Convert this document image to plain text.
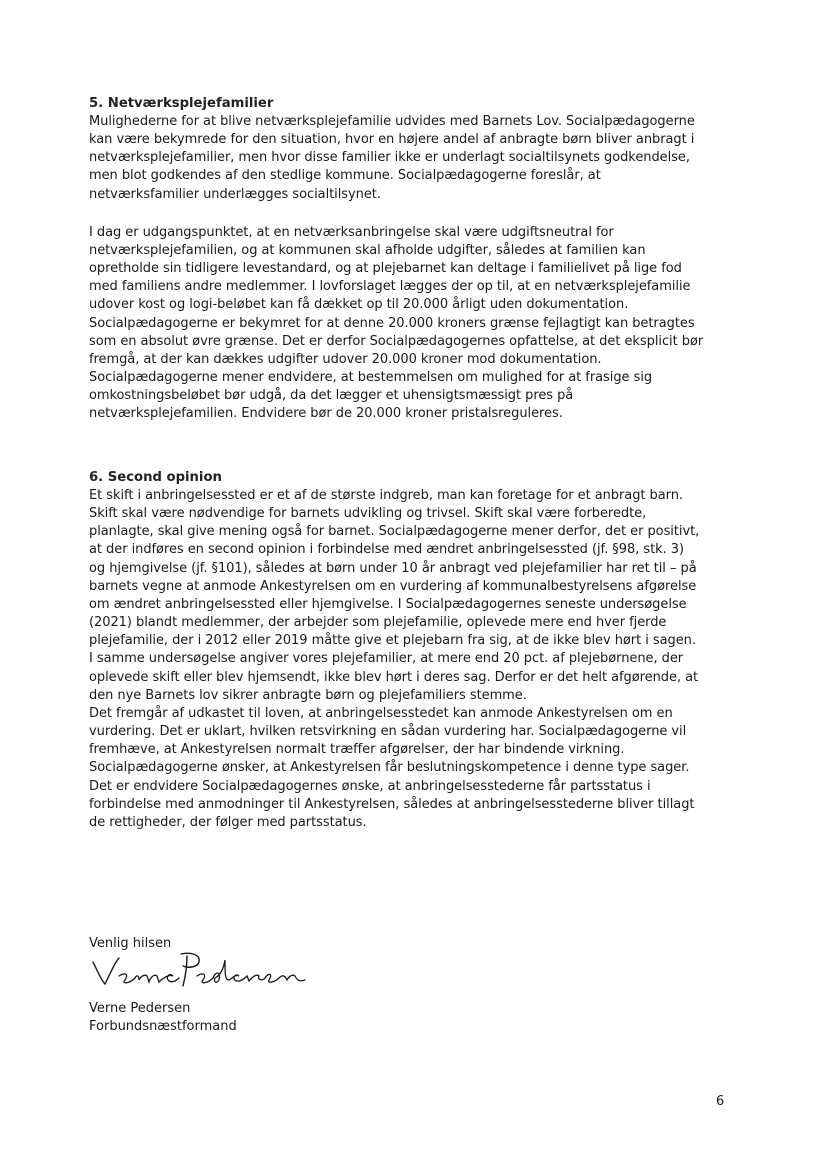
5. Netværksplejefamilier
Mulighederne for at blive netværksplejefamilie udvides med Barnets Lov. Socialpædagogerne
kan være bekymrede for den situation, hvor en højere andel af anbragte børn bliver anbragt i
netværksplejefamilier, men hvor disse familier ikke er underlagt socialtilsynets godkendelse,
men blot godkendes af den stedlige kommune. Socialpædagogerne foreslår, at
netværksfamilier underlægges socialtilsynet.
I dag er udgangspunktet, at en netværksanbringelse skal være udgiftsneutral for
netværksplejefamilien, og at kommunen skal afholde udgifter, således at familien kan
opretholde sin tidligere levestandard, og at plejebarnet kan deltage i familielivet på lige fod
med familiens andre medlemmer. I lovforslaget lægges der op til, at en netværksplejefamilie
udover kost og logi-beløbet kan få dækket op til 20.000 årligt uden dokumentation.
Socialpædagogerne er bekymret for at denne 20.000 kroners grænse fejlagtigt kan betragtes
som en absolut øvre grænse. Det er derfor Socialpædagogernes opfattelse, at det eksplicit bør
fremgå, at der kan dækkes udgifter udover 20.000 kroner mod dokumentation.
Socialpædagogerne mener endvidere, at bestemmelsen om mulighed for at frasige sig
omkostningsbeløbet bør udgå, da det lægger et uhensigtsmæssigt pres på
netværksplejefamilien. Endvidere bør de 20.000 kroner pristalsreguleres.
6. Second opinion
Et skift i anbringelsessted er et af de største indgreb, man kan foretage for et anbragt barn.
Skift skal være nødvendige for barnets udvikling og trivsel. Skift skal være forberedte,
planlagte, skal give mening også for barnet. Socialpædagogerne mener derfor, det er positivt,
at der indføres en second opinion i forbindelse med ændret anbringelsessted (jf. §98, stk. 3)
og hjemgivelse (jf. §101), således at børn under 10 år anbragt ved plejefamilier har ret til – på
barnets vegne at anmode Ankestyrelsen om en vurdering af kommunalbestyrelsens afgørelse
om ændret anbringelsessted eller hjemgivelse. I Socialpædagogernes seneste undersøgelse
(2021) blandt medlemmer, der arbejder som plejefamilie, oplevede mere end hver fjerde
plejefamilie, der i 2012 eller 2019 måtte give et plejebarn fra sig, at de ikke blev hørt i sagen.
I samme undersøgelse angiver vores plejefamilier, at mere end 20 pct. af plejebørnene, der
oplevede skift eller blev hjemsendt, ikke blev hørt i deres sag. Derfor er det helt afgørende, at
den nye Barnets lov sikrer anbragte børn og plejefamiliers stemme.
Det fremgår af udkastet til loven, at anbringelsesstedet kan anmode Ankestyrelsen om en
vurdering. Det er uklart, hvilken retsvirkning en sådan vurdering har. Socialpædagogerne vil
fremhæve, at Ankestyrelsen normalt træffer afgørelser, der har bindende virkning.
Socialpædagogerne ønsker, at Ankestyrelsen får beslutningskompetence i denne type sager.
Det er endvidere Socialpædagogernes ønske, at anbringelsesstederne får partsstatus i
forbindelse med anmodninger til Ankestyrelsen, således at anbringelsesstederne bliver tillagt
de rettigheder, der følger med partsstatus.
Venlig hilsen
Verne Pedersen
Forbundsnæstformand
6
